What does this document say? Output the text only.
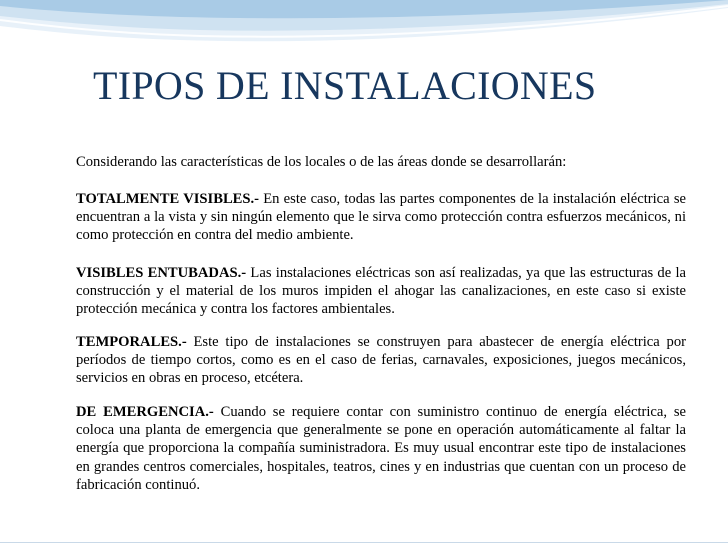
TIPOS DE INSTALACIONES

Considerando las características de los locales o de las áreas donde se desarrollarán:

TOTALMENTE VISIBLES.- En este caso, todas las partes componentes de la instalación eléctrica se encuentran a la vista y sin ningún elemento que le sirva como protección contra esfuerzos mecánicos, ni como protección en contra del medio ambiente.

VISIBLES ENTUBADAS.- Las instalaciones eléctricas son así realizadas, ya que las estructuras de la construcción y el material de los muros impiden el ahogar las canalizaciones, en este caso si existe protección mecánica y contra los factores ambientales.

TEMPORALES.- Este tipo de instalaciones se construyen para abastecer de energía eléctrica por períodos de tiempo cortos, como es en el caso de ferias, carnavales, exposiciones, juegos mecánicos, servicios en obras en proceso, etcétera.

DE EMERGENCIA.- Cuando se requiere contar con suministro continuo de energía eléctrica, se coloca una planta de emergencia que generalmente se pone en operación automáticamente al faltar la energía que proporciona la compañía suministradora. Es muy usual encontrar este tipo de instalaciones en grandes centros comerciales, hospitales, teatros, cines y en industrias que cuentan con un proceso de fabricación continuó.
